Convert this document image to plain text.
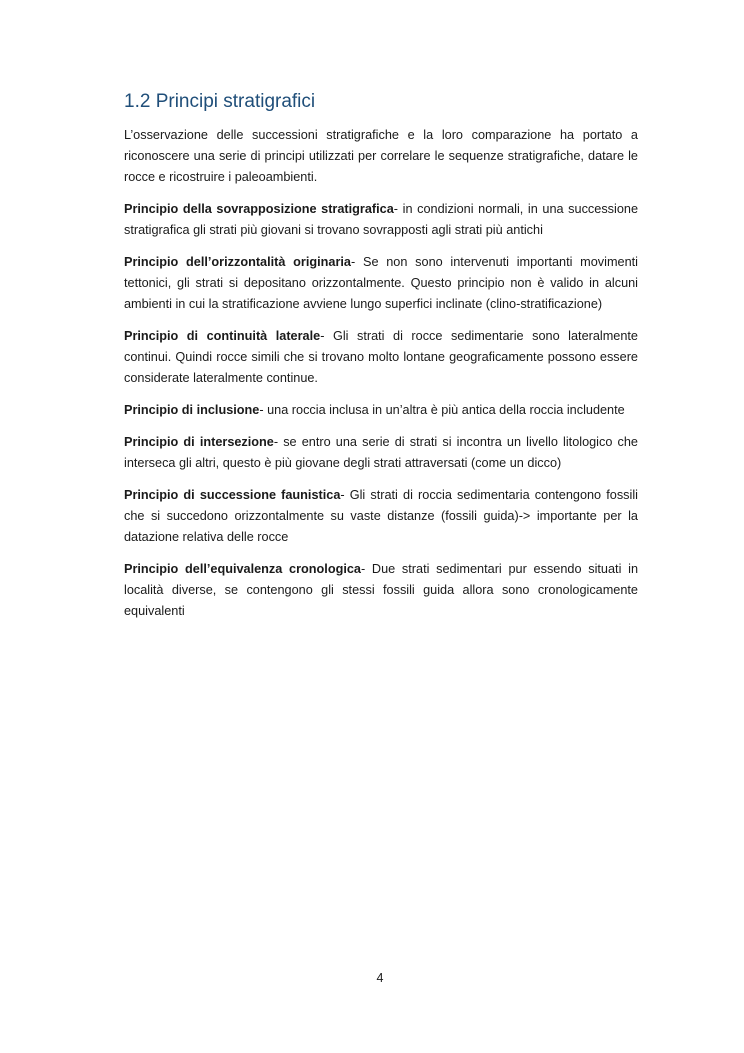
1.2 Principi stratigrafici

L’osservazione delle successioni stratigrafiche e la loro comparazione ha portato a riconoscere una serie di principi utilizzati per correlare le sequenze stratigrafiche, datare le rocce e ricostruire i paleoambienti.

Principio della sovrapposizione stratigrafica- in condizioni normali, in una successione stratigrafica gli strati più giovani si trovano sovrapposti agli strati più antichi

Principio dell’orizzontalità originaria- Se non sono intervenuti importanti movimenti tettonici, gli strati si depositano orizzontalmente. Questo principio non è valido in alcuni ambienti in cui la stratificazione avviene lungo superfici inclinate (clino-stratificazione)

Principio di continuità laterale- Gli strati di rocce sedimentarie sono lateralmente continui. Quindi rocce simili che si trovano molto lontane geograficamente possono essere considerate lateralmente continue.

Principio di inclusione- una roccia inclusa in un’altra è più antica della roccia includente

Principio di intersezione- se entro una serie di strati si incontra un livello litologico che interseca gli altri, questo è più giovane degli strati attraversati (come un dicco)

Principio di successione faunistica- Gli strati di roccia sedimentaria contengono fossili che si succedono orizzontalmente su vaste distanze (fossili guida)-> importante per la datazione relativa delle rocce

Principio dell’equivalenza cronologica- Due strati sedimentari pur essendo situati in località diverse, se contengono gli stessi fossili guida allora sono cronologicamente equivalenti

4
